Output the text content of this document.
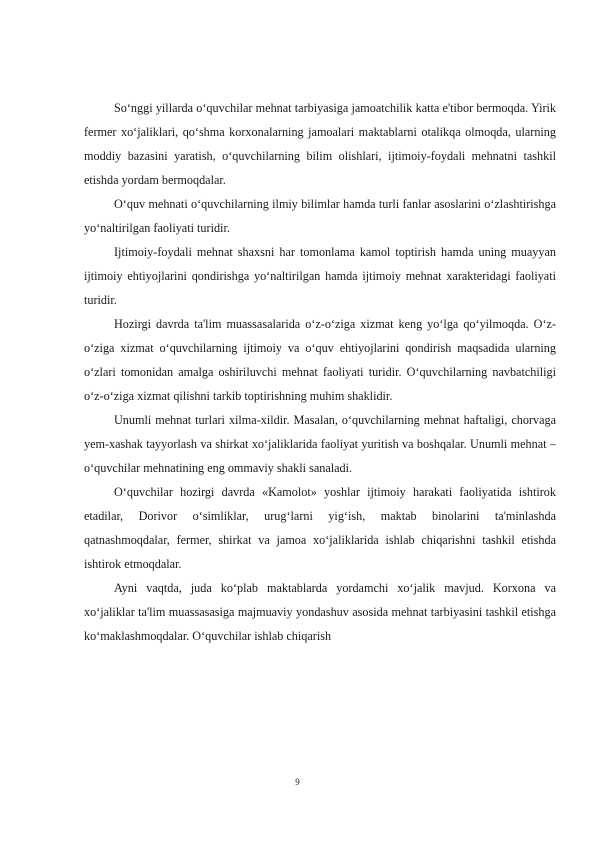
So‘nggi yillarda o‘quvchilar mehnat tarbiyasiga jamoatchilik katta e'tibor bermoqda. Yirik fermer xo‘jaliklari, qo‘shma korxonalarning jamoalari maktablarni otalikqa olmoqda, ularning moddiy bazasini yaratish, o‘quvchilarning bilim olishlari, ijtimoiy-foydali mehnatni tashkil etishda yordam bermoqdalar.

O‘quv mehnati o‘quvchilarning ilmiy bilimlar hamda turli fanlar asoslarini o‘zlashtirishga yo‘naltirilgan faoliyati turidir.

Ijtimoiy-foydali mehnat shaxsni har tomonlama kamol toptirish hamda uning muayyan ijtimoiy ehtiyojlarini qondirishga yo‘naltirilgan hamda ijtimoiy mehnat xarakteridagi faoliyati turidir.

Hozirgi davrda ta'lim muassasalarida o‘z-o‘ziga xizmat keng yo‘lga qo‘yilmoqda. O‘z-o‘ziga xizmat o‘quvchilarning ijtimoiy va o‘quv ehtiyojlarini qondirish maqsadida ularning o‘zlari tomonidan amalga oshiriluvchi mehnat faoliyati turidir. O‘quvchilarning navbatchiligi o‘z-o‘ziga xizmat qilishni tarkib toptirishning muhim shaklidir.

Unumli mehnat turlari xilma-xildir. Masalan, o‘quvchilarning mehnat haftaligi, chorvaga yem-xashak tayyorlash va shirkat xo‘jaliklarida faoliyat yuritish va boshqalar. Unumli mehnat – o‘quvchilar mehnatining eng ommaviy shakli sanaladi.

O‘quvchilar hozirgi davrda «Kamolot» yoshlar ijtimoiy harakati faoliyatida ishtirok etadilar, Dorivor o‘simliklar, urug‘larni yig‘ish, maktab binolarini ta'minlashda qatnashmoqdalar, fermer, shirkat va jamoa xo‘jaliklarida ishlab chiqarishni tashkil etishda ishtirok etmoqdalar.

Ayni vaqtda, juda ko‘plab maktablarda yordamchi xo‘jalik mavjud. Korxona va xo‘jaliklar ta'lim muassasasiga majmuaviy yondashuv asosida mehnat tarbiyasini tashkil etishga ko‘maklashmoqdalar. O‘quvchilar ishlab chiqarish

9
